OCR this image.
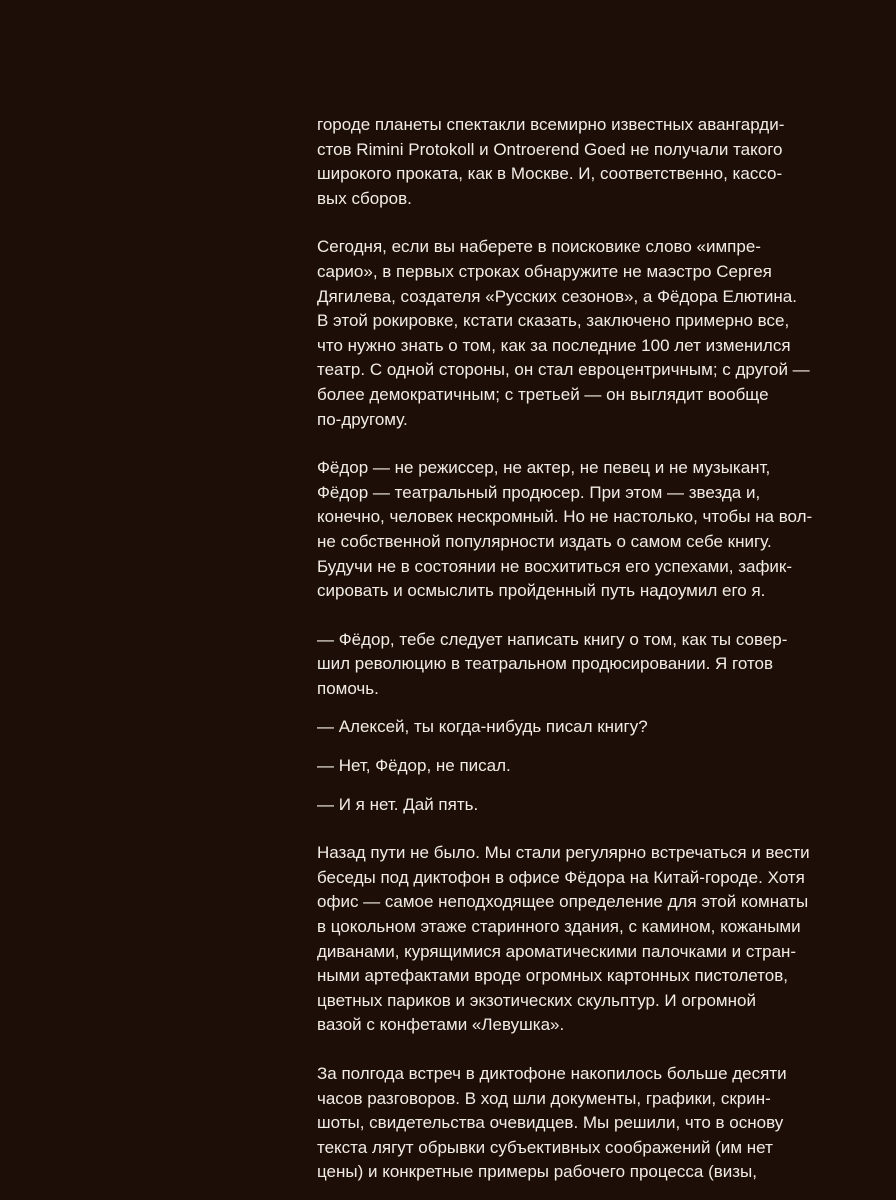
городе планеты спектакли всемирно известных авангарди-
стов Rimini Protokoll и Ontroerend Goed не получали такого
широкого проката, как в Москве. И, соответственно, кассо-
вых сборов.

Сегодня, если вы наберете в поисковике слово «импре-
сарио», в первых строках обнаружите не маэстро Сергея
Дягилева, создателя «Русских сезонов», а Фёдора Елютина.
В этой рокировке, кстати сказать, заключено примерно все,
что нужно знать о том, как за последние 100 лет изменился
театр. С одной стороны, он стал евроцентричным; с другой —
более демократичным; с третьей — он выглядит вообще
по-другому.

Фёдор — не режиссер, не актер, не певец и не музыкант,
Фёдор — театральный продюсер. При этом — звезда и,
конечно, человек нескромный. Но не настолько, чтобы на вол-
не собственной популярности издать о самом себе книгу.
Будучи не в состоянии не восхититься его успехами, зафик-
сировать и осмыслить пройденный путь надоумил его я.

— Фёдор, тебе следует написать книгу о том, как ты совер-
шил революцию в театральном продюсировании. Я готов
помочь.

— Алексей, ты когда-нибудь писал книгу?

— Нет, Фёдор, не писал.

— И я нет. Дай пять.

Назад пути не было. Мы стали регулярно встречаться и вести
беседы под диктофон в офисе Фёдора на Китай-городе. Хотя
офис — самое неподходящее определение для этой комнаты
в цокольном этаже старинного здания, с камином, кожаными
диванами, курящимися ароматическими палочками и стран-
ными артефактами вроде огромных картонных пистолетов,
цветных париков и экзотических скульптур. И огромной
вазой с конфетами «Левушка».

За полгода встреч в диктофоне накопилось больше десяти
часов разговоров. В ход шли документы, графики, скрин-
шоты, свидетельства очевидцев. Мы решили, что в основу
текста лягут обрывки субъективных соображений (им нет
цены) и конкретные примеры рабочего процесса (визы,
